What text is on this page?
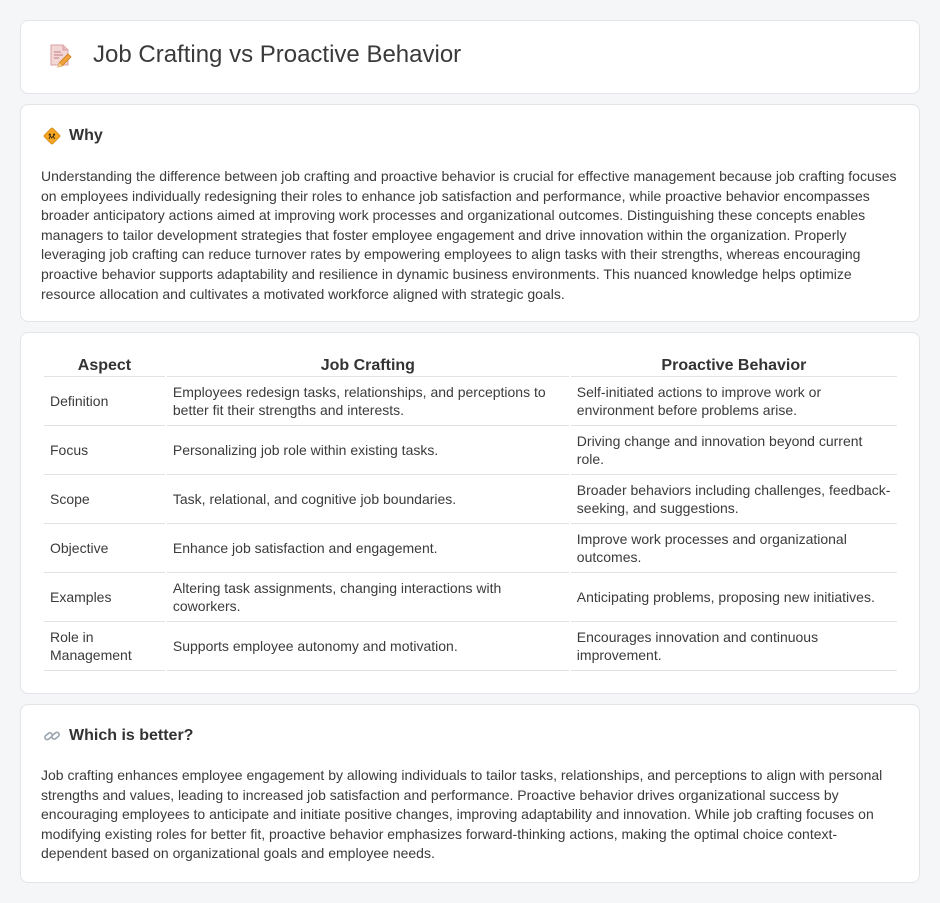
Job Crafting vs Proactive Behavior
Why

Understanding the difference between job crafting and proactive behavior is crucial for effective management because job crafting focuses on employees individually redesigning their roles to enhance job satisfaction and performance, while proactive behavior encompasses broader anticipatory actions aimed at improving work processes and organizational outcomes. Distinguishing these concepts enables managers to tailor development strategies that foster employee engagement and drive innovation within the organization. Properly leveraging job crafting can reduce turnover rates by empowering employees to align tasks with their strengths, whereas encouraging proactive behavior supports adaptability and resilience in dynamic business environments. This nuanced knowledge helps optimize resource allocation and cultivates a motivated workforce aligned with strategic goals.

Aspect	Job Crafting	Proactive Behavior
Definition	Employees redesign tasks, relationships, and perceptions to better fit their strengths and interests.	Self-initiated actions to improve work or environment before problems arise.
Focus	Personalizing job role within existing tasks.	Driving change and innovation beyond current role.
Scope	Task, relational, and cognitive job boundaries.	Broader behaviors including challenges, feedback-seeking, and suggestions.
Objective	Enhance job satisfaction and engagement.	Improve work processes and organizational outcomes.
Examples	Altering task assignments, changing interactions with coworkers.	Anticipating problems, proposing new initiatives.
Role in Management	Supports employee autonomy and motivation.	Encourages innovation and continuous improvement.
Which is better?

Job crafting enhances employee engagement by allowing individuals to tailor tasks, relationships, and perceptions to align with personal strengths and values, leading to increased job satisfaction and performance. Proactive behavior drives organizational success by encouraging employees to anticipate and initiate positive changes, improving adaptability and innovation. While job crafting focuses on modifying existing roles for better fit, proactive behavior emphasizes forward-thinking actions, making the optimal choice context-dependent based on organizational goals and employee needs.
